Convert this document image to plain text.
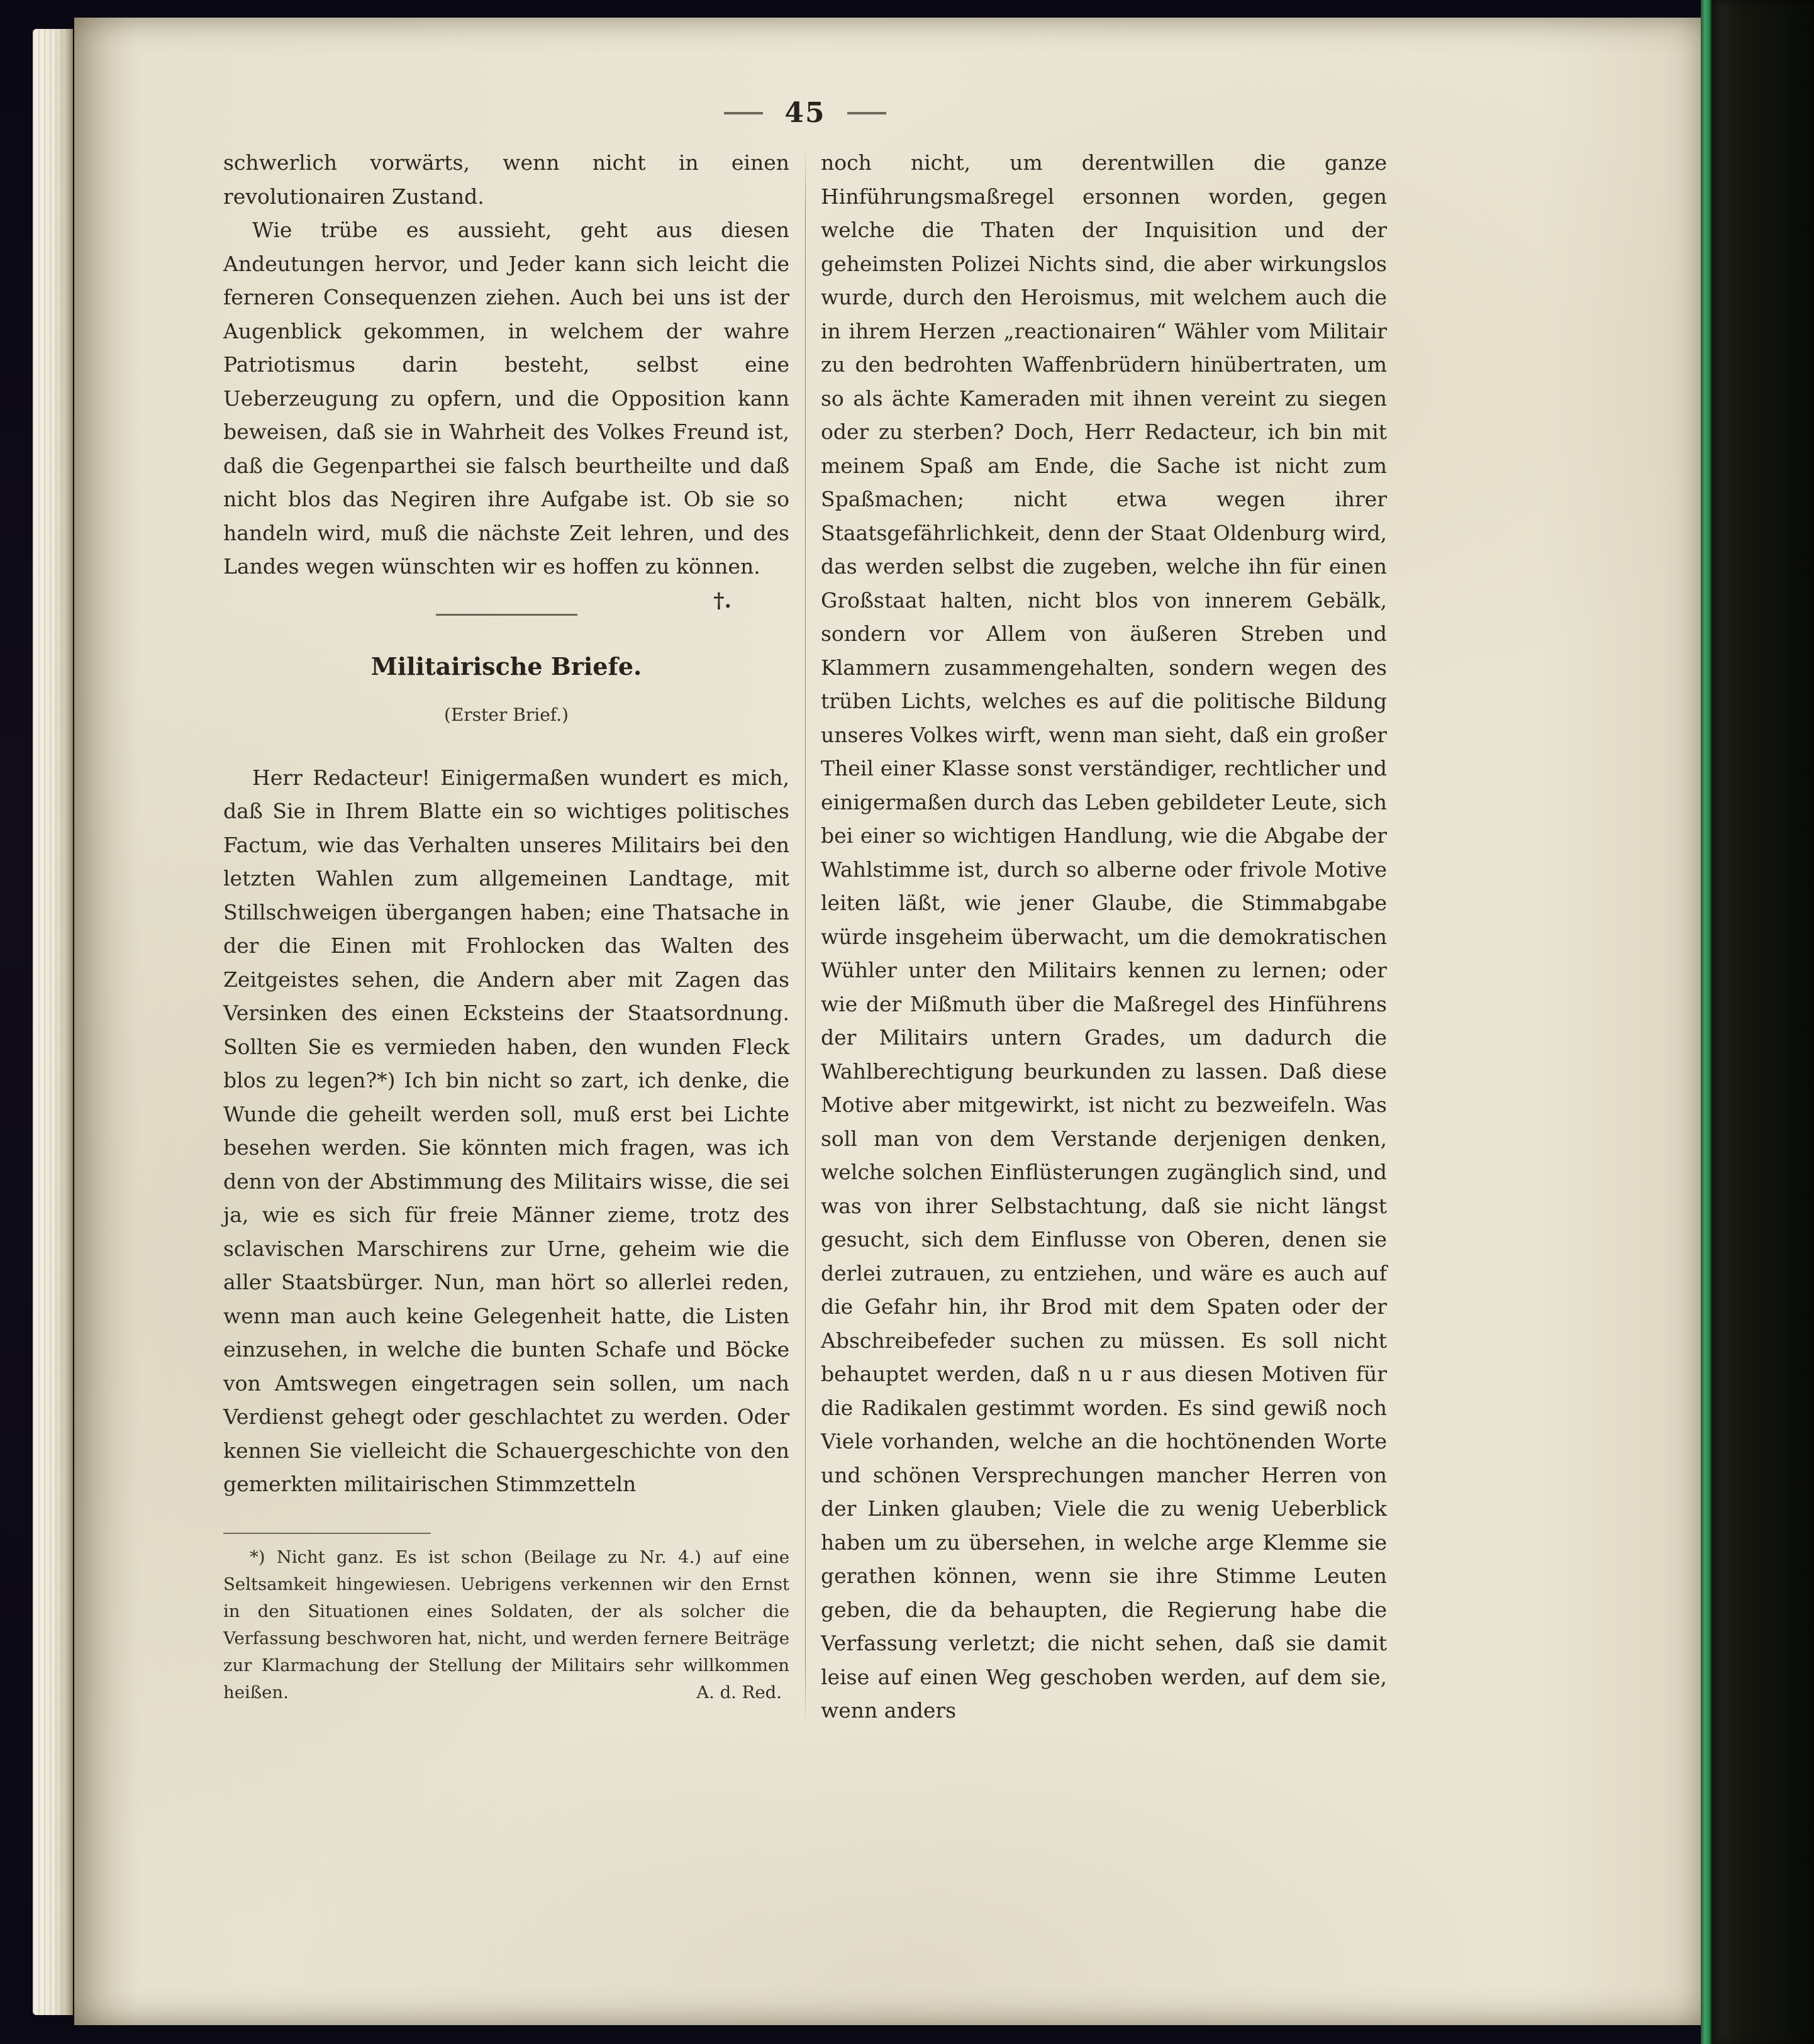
45

schwerlich vorwärts, wenn nicht in einen revolutionairen Zustand.

Wie trübe es aussieht, geht aus diesen Andeutungen hervor, und Jeder kann sich leicht die ferneren Consequenzen ziehen. Auch bei uns ist der Augenblick gekommen, in welchem der wahre Patriotismus darin besteht, selbst eine Ueberzeugung zu opfern, und die Opposition kann beweisen, daß sie in Wahrheit des Volkes Freund ist, daß die Gegenparthei sie falsch beurtheilte und daß nicht blos das Negiren ihre Aufgabe ist. Ob sie so handeln wird, muß die nächste Zeit lehren, und des Landes wegen wünschten wir es hoffen zu können.
†.

Militairische Briefe.
(Erster Brief.)

Herr Redacteur! Einigermaßen wundert es mich, daß Sie in Ihrem Blatte ein so wichtiges politisches Factum, wie das Verhalten unseres Militairs bei den letzten Wahlen zum allgemeinen Landtage, mit Stillschweigen übergangen haben; eine Thatsache in der die Einen mit Frohlocken das Walten des Zeitgeistes sehen, die Andern aber mit Zagen das Versinken des einen Ecksteins der Staatsordnung. Sollten Sie es vermieden haben, den wunden Fleck blos zu legen?*) Ich bin nicht so zart, ich denke, die Wunde die geheilt werden soll, muß erst bei Lichte besehen werden. Sie könnten mich fragen, was ich denn von der Abstimmung des Militairs wisse, die sei ja, wie es sich für freie Männer zieme, trotz des sclavischen Marschirens zur Urne, geheim wie die aller Staatsbürger. Nun, man hört so allerlei reden, wenn man auch keine Gelegenheit hatte, die Listen einzusehen, in welche die bunten Schafe und Böcke von Amtswegen eingetragen sein sollen, um nach Verdienst gehegt oder geschlachtet zu werden. Oder kennen Sie vielleicht die Schauergeschichte von den gemerkten militairischen Stimmzetteln

*) Nicht ganz. Es ist schon (Beilage zu Nr. 4.) auf eine Seltsamkeit hingewiesen. Uebrigens verkennen wir den Ernst in den Situationen eines Soldaten, der als solcher die Verfassung beschworen hat, nicht, und werden fernere Beiträge zur Klarmachung der Stellung der Militairs sehr willkommen heißen.	A. d. Red.

noch nicht, um derentwillen die ganze Hinführungsmaßregel ersonnen worden, gegen welche die Thaten der Inquisition und der geheimsten Polizei Nichts sind, die aber wirkungslos wurde, durch den Heroismus, mit welchem auch die in ihrem Herzen „reactionairen“ Wähler vom Militair zu den bedrohten Waffenbrüdern hinübertraten, um so als ächte Kameraden mit ihnen vereint zu siegen oder zu sterben? Doch, Herr Redacteur, ich bin mit meinem Spaß am Ende, die Sache ist nicht zum Spaßmachen; nicht etwa wegen ihrer Staatsgefährlichkeit, denn der Staat Oldenburg wird, das werden selbst die zugeben, welche ihn für einen Großstaat halten, nicht blos von innerem Gebälk, sondern vor Allem von äußeren Streben und Klammern zusammengehalten, sondern wegen des trüben Lichts, welches es auf die politische Bildung unseres Volkes wirft, wenn man sieht, daß ein großer Theil einer Klasse sonst verständiger, rechtlicher und einigermaßen durch das Leben gebildeter Leute, sich bei einer so wichtigen Handlung, wie die Abgabe der Wahlstimme ist, durch so alberne oder frivole Motive leiten läßt, wie jener Glaube, die Stimmabgabe würde insgeheim überwacht, um die demokratischen Wühler unter den Militairs kennen zu lernen; oder wie der Mißmuth über die Maßregel des Hinführens der Militairs untern Grades, um dadurch die Wahlberechtigung beurkunden zu lassen. Daß diese Motive aber mitgewirkt, ist nicht zu bezweifeln. Was soll man von dem Verstande derjenigen denken, welche solchen Einflüsterungen zugänglich sind, und was von ihrer Selbstachtung, daß sie nicht längst gesucht, sich dem Einflusse von Oberen, denen sie derlei zutrauen, zu entziehen, und wäre es auch auf die Gefahr hin, ihr Brod mit dem Spaten oder der Abschreibefeder suchen zu müssen. Es soll nicht behauptet werden, daß n u r aus diesen Motiven für die Radikalen gestimmt worden. Es sind gewiß noch Viele vorhanden, welche an die hochtönenden Worte und schönen Versprechungen mancher Herren von der Linken glauben; Viele die zu wenig Ueberblick haben um zu übersehen, in welche arge Klemme sie gerathen können, wenn sie ihre Stimme Leuten geben, die da behaupten, die Regierung habe die Verfassung verletzt; die nicht sehen, daß sie damit leise auf einen Weg geschoben werden, auf dem sie, wenn anders
